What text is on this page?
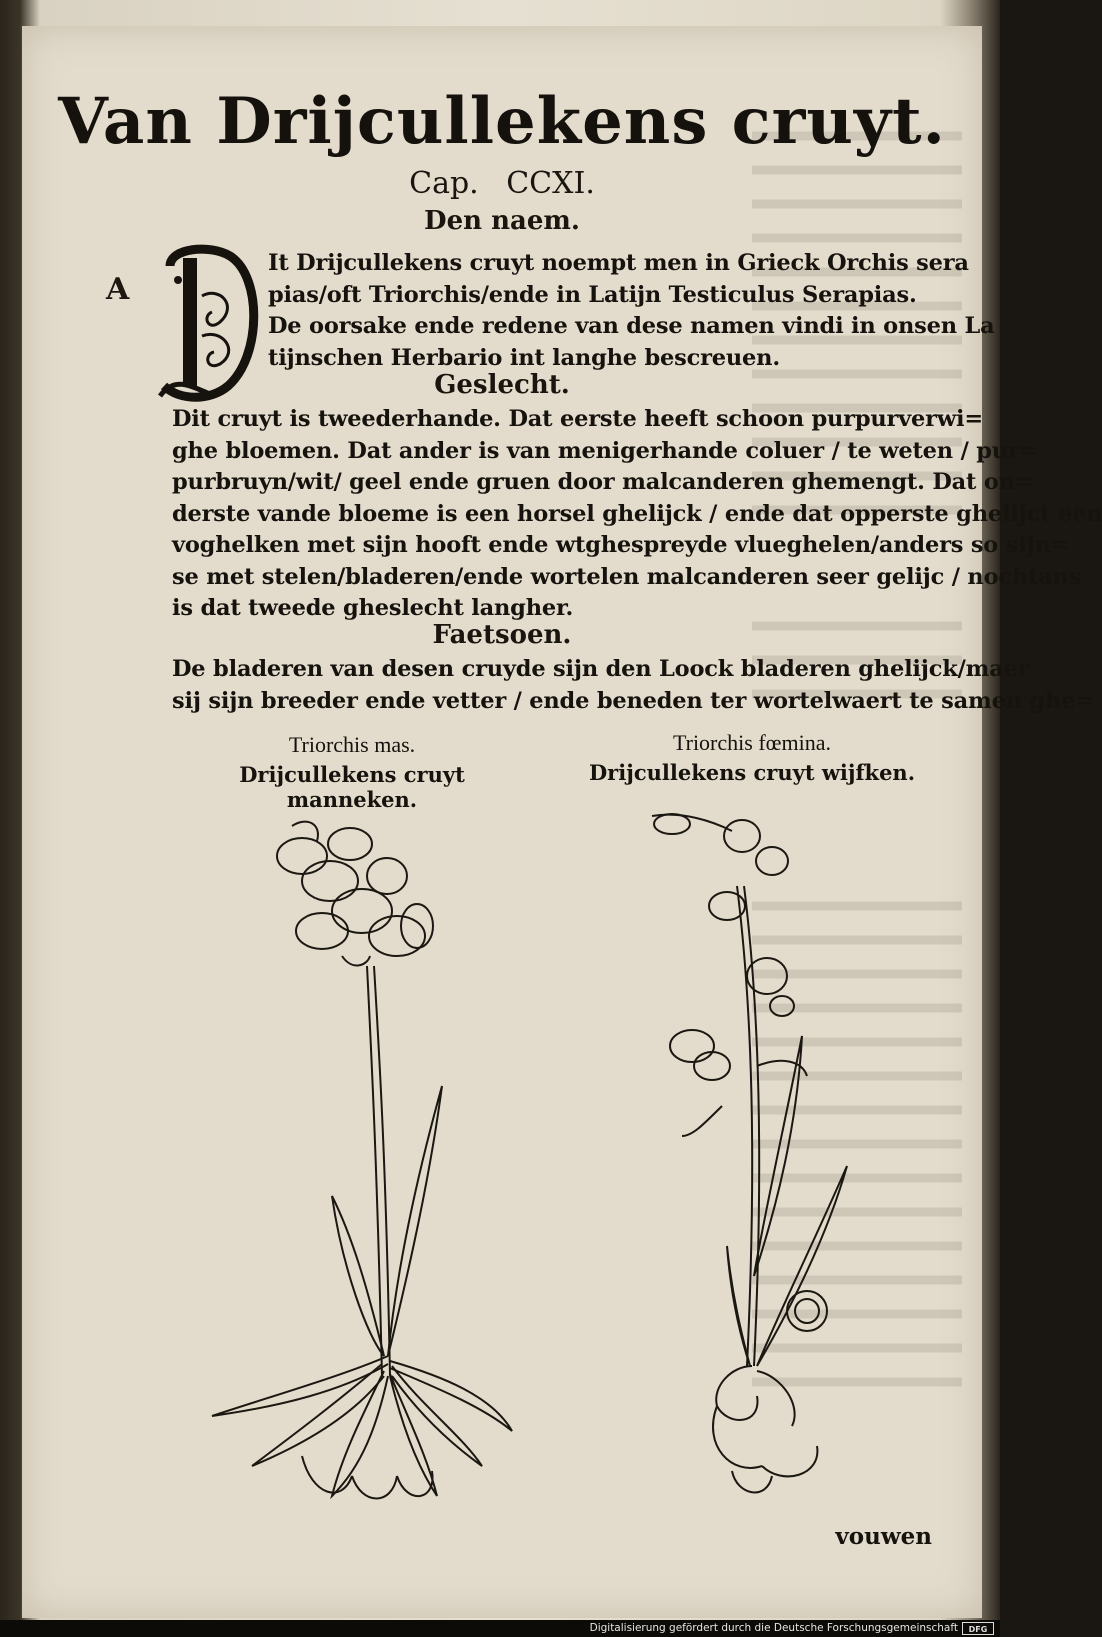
Van Drijcullekens cruyt.
Cap. CCXI.
Den naem.
A
It Drijcullekens cruyt noempt men in Grieck Orchis sera
pias/oft Triorchis/ende in Latijn Testiculus Serapias.
De oorsake ende redene van dese namen vindi in onsen La
tijnschen Herbario int langhe bescreuen.
Geslecht.
Dit cruyt is tweederhande. Dat eerste heeft schoon purpurverwi=
ghe bloemen. Dat ander is van menigerhande coluer / te weten / pur=
purbruyn/wit/ geel ende gruen door malcanderen ghemengt. Dat on=
derste vande bloeme is een horsel ghelijck / ende dat opperste ghelijct een
voghelken met sijn hooft ende wtghespreyde vlueghelen/anders so sijn=
se met stelen/bladeren/ende wortelen malcanderen seer gelijc / nochtans
is dat tweede gheslecht langher.
Faetsoen.
De bladeren van desen cruyde sijn den Loock bladeren ghelijck/maer
sij sijn breeder ende vetter / ende beneden ter wortelwaert te samen ghe=
Triorchis mas.
Drijcullekens cruyt manneken.
Triorchis fœmina.
Drijcullekens cruyt wijfken.
vouwen
Digitalisierung gefördert durch die Deutsche Forschungsgemeinschaft	DFG
